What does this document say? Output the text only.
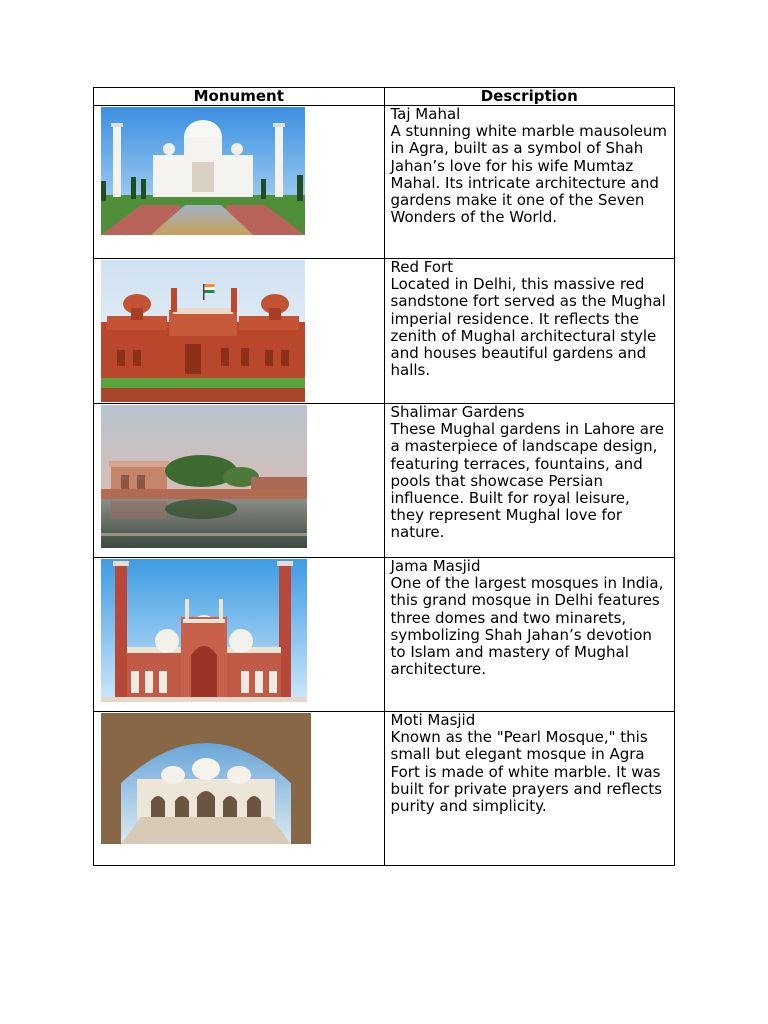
Monument	Description

Taj Mahal
A stunning white marble mausoleum in Agra, built as a symbol of Shah Jahan’s love for his wife Mumtaz Mahal. Its intricate architecture and gardens make it one of the Seven Wonders of the World.

Red Fort
Located in Delhi, this massive red sandstone fort served as the Mughal imperial residence. It reflects the zenith of Mughal architectural style and houses beautiful gardens and halls.

Shalimar Gardens
These Mughal gardens in Lahore are a masterpiece of landscape design, featuring terraces, fountains, and pools that showcase Persian influence. Built for royal leisure, they represent Mughal love for nature.

Jama Masjid
One of the largest mosques in India, this grand mosque in Delhi features three domes and two minarets, symbolizing Shah Jahan’s devotion to Islam and mastery of Mughal architecture.

Moti Masjid
Known as the "Pearl Mosque," this small but elegant mosque in Agra Fort is made of white marble. It was built for private prayers and reflects purity and simplicity.
